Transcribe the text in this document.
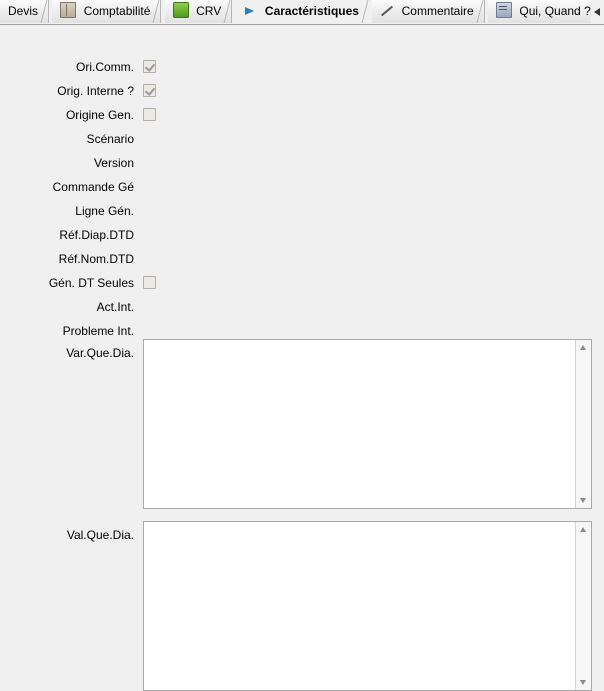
Devis	Comptabilité	CRV	Caractéristiques	Commentaire	Qui, Quand ?
Ori.Comm.
Orig. Interne ?
Origine Gen.
Scénario
Version
Commande Gé
Ligne Gén.
Réf.Diap.DTD
Réf.Nom.DTD
Gén. DT Seules
Act.Int.
Probleme Int.
Var.Que.Dia.
Val.Que.Dia.
